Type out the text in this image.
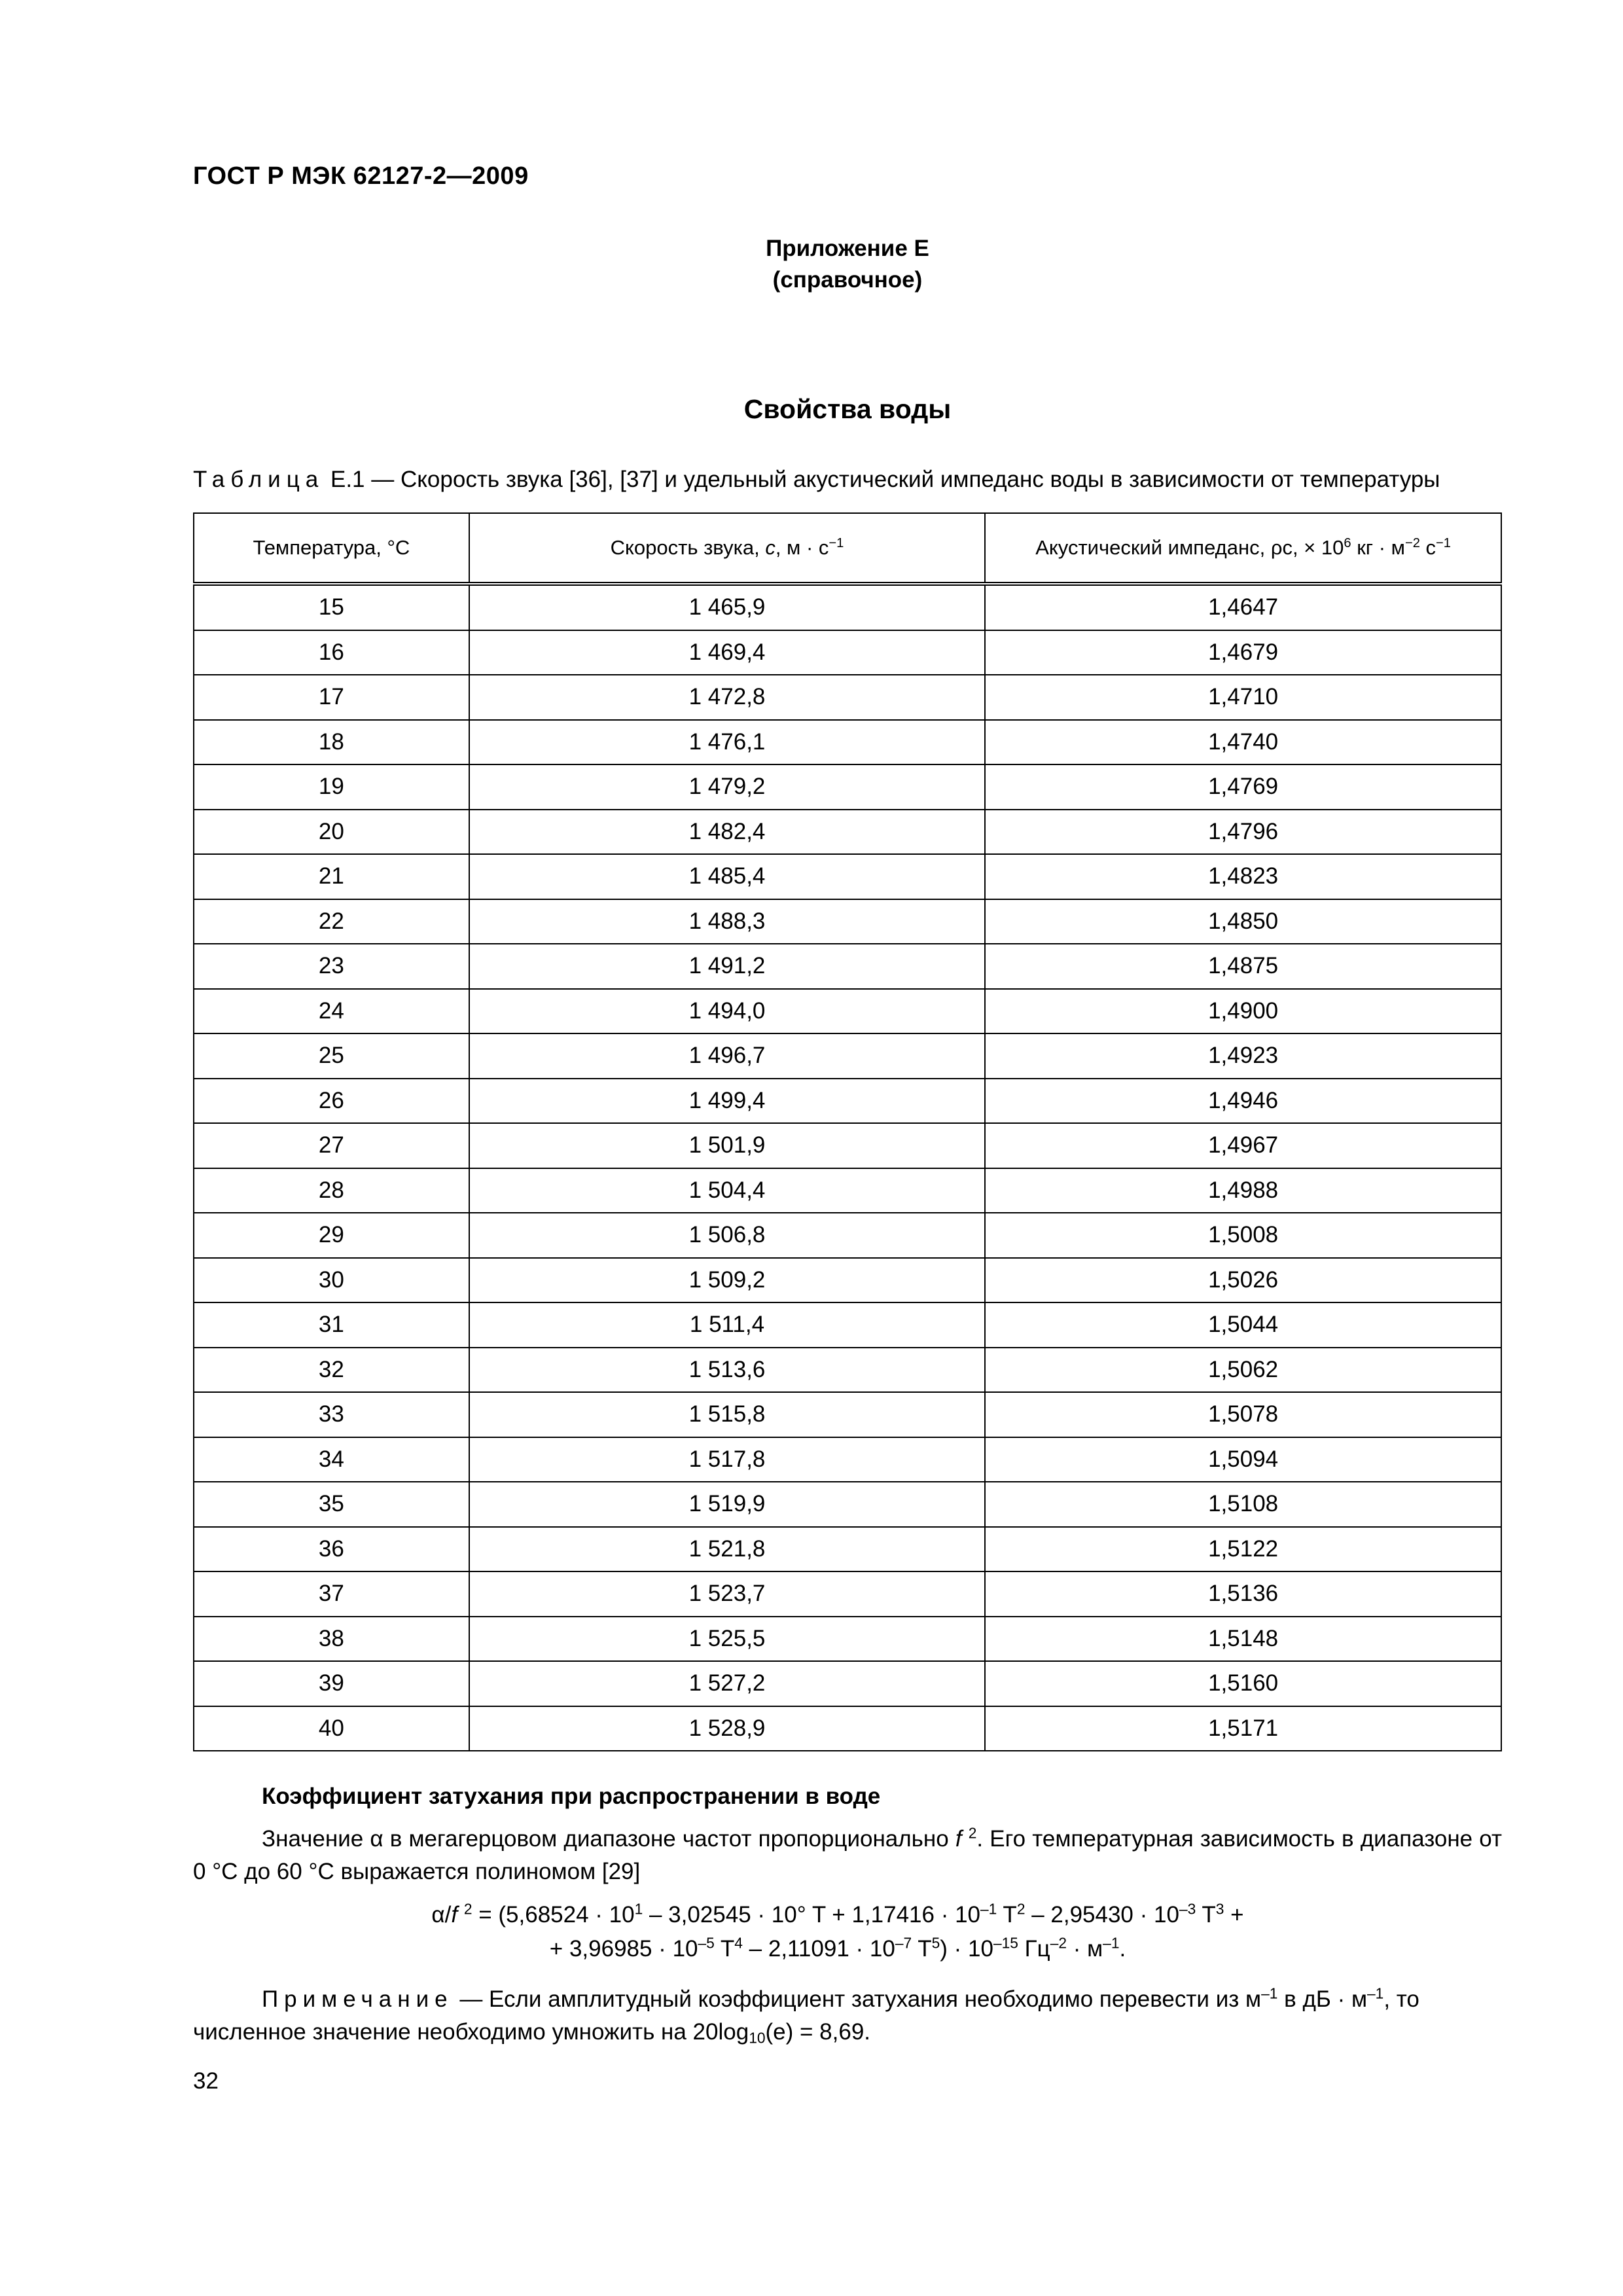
ГОСТ Р МЭК 62127-2—2009
Приложение Е
(справочное)
Свойства воды
Таблица Е.1 — Скорость звука [36], [37] и удельный акустический импеданс воды в зависимости от температуры
Температура, °С	Скорость звука, c, $м \cdot с^{-1}$	Акустический импеданс, ρc, × $10^6$ кг · $м^{-2}$ $с^{-1}$
15	1 465,9	1,4647
16	1 469,4	1,4679
17	1 472,8	1,4710
18	1 476,1	1,4740
19	1 479,2	1,4769
20	1 482,4	1,4796
21	1 485,4	1,4823
22	1 488,3	1,4850
23	1 491,2	1,4875
24	1 494,0	1,4900
25	1 496,7	1,4923
26	1 499,4	1,4946
27	1 501,9	1,4967
28	1 504,4	1,4988
29	1 506,8	1,5008
30	1 509,2	1,5026
31	1 511,4	1,5044
32	1 513,6	1,5062
33	1 515,8	1,5078
34	1 517,8	1,5094
35	1 519,9	1,5108
36	1 521,8	1,5122
37	1 523,7	1,5136
38	1 525,5	1,5148
39	1 527,2	1,5160
40	1 528,9	1,5171
Коэффициент затухания при распространении в воде
Значение α в мегагерцовом диапазоне частот пропорционально f $^2$. Его температурная зависимость в диапазоне от 0 °С до 60 °С выражается полиномом [29]
α/f $^2 = (5,68524 \cdot 10^1 - 3,02545 \cdot 10^\circ$ $T + 1,17416 \cdot 10^{-1}$ $T^2 - 2,95430 \cdot 10^{-3}$ $T^3$ +
+ $3,96985 \cdot 10^{-5}$ $T^4 - 2,11091 \cdot 10^{-7}$ $T^5) \cdot 10^{-15}$ $Гц^{-2} \cdot м^{-1}$.
Примечание — Если амплитудный коэффициент затухания необходимо перевести из $м^{-1}$ в дБ · $м^{-1}$, то численное значение необходимо умножить на $20\log_{10}(e) = 8,69$.
32
